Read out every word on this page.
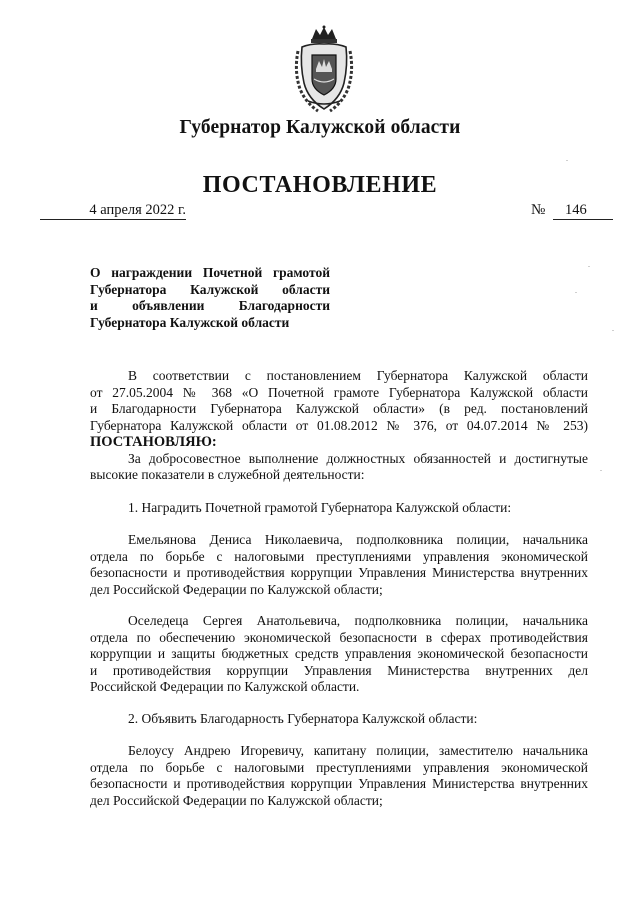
Губернатор Калужской области
ПОСТАНОВЛЕНИЕ
4 апреля 2022 г.	№	146
О награждении Почетной грамотой
Губернатора Калужской области
и объявлении Благодарности
Губернатора Калужской области
В соответствии с постановлением Губернатора Калужской области
от 27.05.2004 № 368 «О Почетной грамоте Губернатора Калужской области
и Благодарности Губернатора Калужской области» (в ред. постановлений
Губернатора Калужской области от 01.08.2012 № 376, от 04.07.2014 № 253)
ПОСТАНОВЛЯЮ:
За добросовестное выполнение должностных обязанностей и достигнутые
высокие показатели в служебной деятельности:
1. Наградить Почетной грамотой Губернатора Калужской области:
Емельянова Дениса Николаевича, подполковника полиции, начальника
отдела по борьбе с налоговыми преступлениями управления экономической
безопасности и противодействия коррупции Управления Министерства внутренних
дел Российской Федерации по Калужской области;
Оселедеца Сергея Анатольевича, подполковника полиции, начальника
отдела по обеспечению экономической безопасности в сферах противодействия
коррупции и защиты бюджетных средств управления экономической безопасности
и противодействия коррупции Управления Министерства внутренних дел
Российской Федерации по Калужской области.
2. Объявить Благодарность Губернатора Калужской области:
Белоусу Андрею Игоревичу, капитану полиции, заместителю начальника
отдела по борьбе с налоговыми преступлениями управления экономической
безопасности и противодействия коррупции Управления Министерства внутренних
дел Российской Федерации по Калужской области;
